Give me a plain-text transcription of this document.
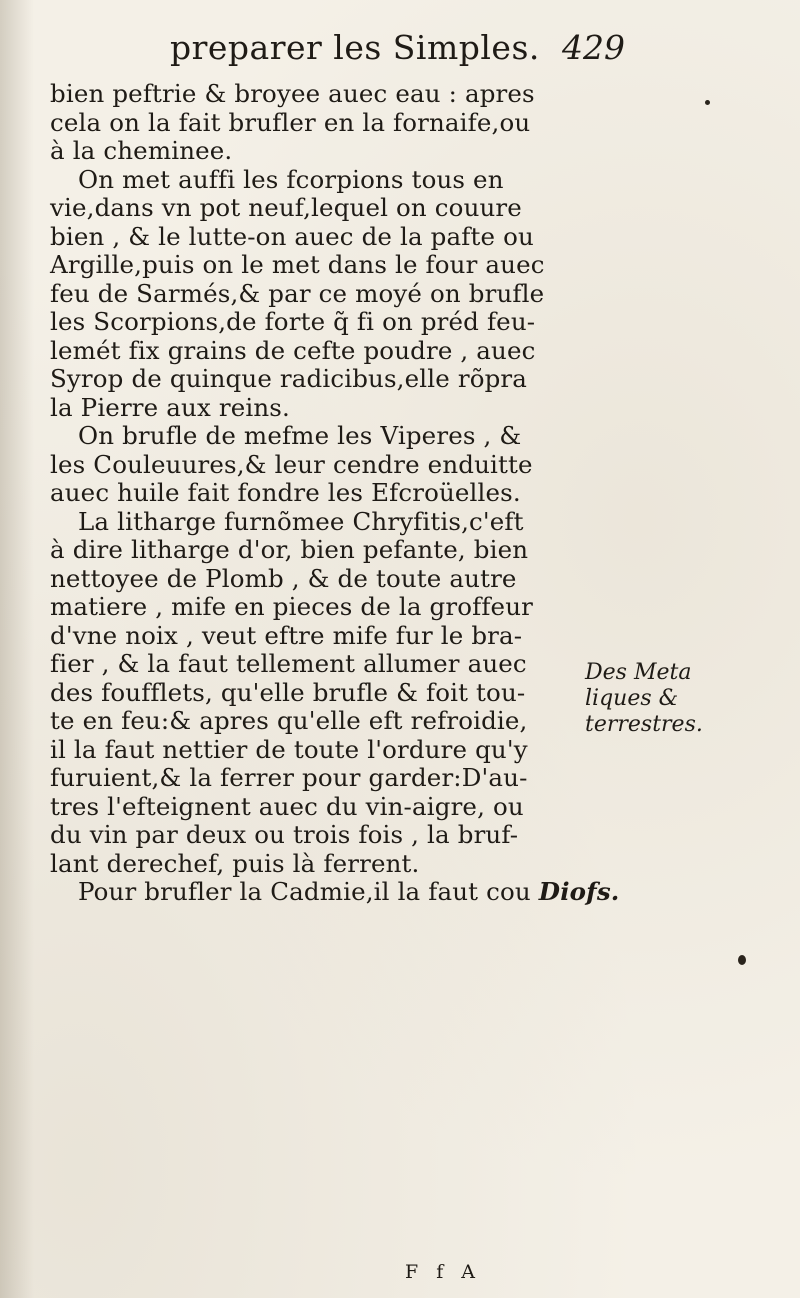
preparer les Simples. 429
bien peftrie & broyee auec eau : apres
cela on la fait brufler en la fornaife,ou
à la cheminee.
On met auffi les fcorpions tous en
vie,dans vn pot neuf,lequel on couure
bien , & le lutte-on auec de la pafte ou
Argille,puis on le met dans le four auec
feu de Sarmés,& par ce moyé on brufle
les Scorpions,de forte q̃ fi on préd feu-
lemét fix grains de cefte poudre , auec
Syrop de quinque radicibus,elle rõpra
la Pierre aux reins.
On brufle de mefme les Viperes , &
les Couleuures,& leur cendre enduitte
auec huile fait fondre les Efcroüelles.
La litharge furnõmee Chryfitis,c'eft
à dire litharge d'or, bien pefante, bien
nettoyee de Plomb , & de toute autre
matiere , mife en pieces de la groffeur
d'vne noix , veut eftre mife fur le bra-
fier , & la faut tellement allumer auec
des foufflets, qu'elle brufle & foit tou-
te en feu:& apres qu'elle eft refroidie,
il la faut nettier de toute l'ordure qu'y
furuient,& la ferrer pour garder:D'au-
tres l'efteignent auec du vin-aigre, ou
du vin par deux ou trois fois , la bruf-
lant derechef, puis là ferrent.
Pour brufler la Cadmie,il la faut cou Diofs.
Des Meta
liques &
terrestres.
F f A
